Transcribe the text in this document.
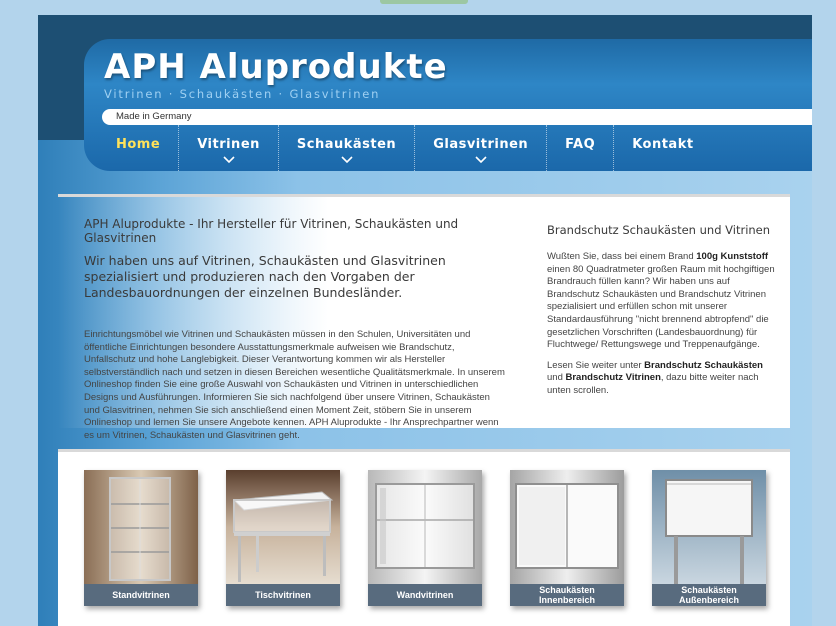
APH Aluprodukte
Vitrinen · Schaukästen · Glasvitrinen
Made in Germany
Home	Vitrinen	Schaukästen	Glasvitrinen	FAQ	Kontakt
APH Aluprodukte - Ihr Hersteller für Vitrinen, Schaukästen und Glasvitrinen
Wir haben uns auf Vitrinen, Schaukästen und Glasvitrinen spezialisiert und produzieren nach den Vorgaben der Landesbauordnungen der einzelnen Bundesländer.
Einrichtungsmöbel wie Vitrinen und Schaukästen müssen in den Schulen, Universitäten und öffentliche Einrichtungen besondere Ausstattungsmerkmale aufweisen wie Brandschutz, Unfallschutz und hohe Langlebigkeit. Dieser Verantwortung kommen wir als Hersteller selbstverständlich nach und setzen in diesen Bereichen wesentliche Qualitätsmerkmale. In unserem Onlineshop finden Sie eine große Auswahl von Schaukästen und Vitrinen in unterschiedlichen Designs und Ausführungen. Informieren Sie sich nachfolgend über unsere Vitrinen, Schaukästen und Glasvitrinen, nehmen Sie sich anschließend einen Moment Zeit, stöbern Sie in unserem Onlineshop und lernen Sie unsere Angebote kennen. APH Aluprodukte - Ihr Ansprechpartner wenn es um Vitrinen, Schaukästen und Glasvitrinen geht.
Brandschutz Schaukästen und Vitrinen
Wußten Sie, dass bei einem Brand 100g Kunststoff einen 80 Quadratmeter großen Raum mit hochgiftigen Brandrauch füllen kann? Wir haben uns auf Brandschutz Schaukästen und Brandschutz Vitrinen spezialisiert und erfüllen schon mit unserer Standardausführung "nicht brennend abtropfend" die gesetzlichen Vorschriften (Landesbauordnung) für Fluchtwege/ Rettungswege und Treppenaufgänge.
Lesen Sie weiter unter Brandschutz Schaukästen und Brandschutz Vitrinen, dazu bitte weiter nach unten scrollen.
Standvitrinen	Tischvitrinen	Wandvitrinen	Schaukästen Innenbereich
Schaukästen Außenbereich
